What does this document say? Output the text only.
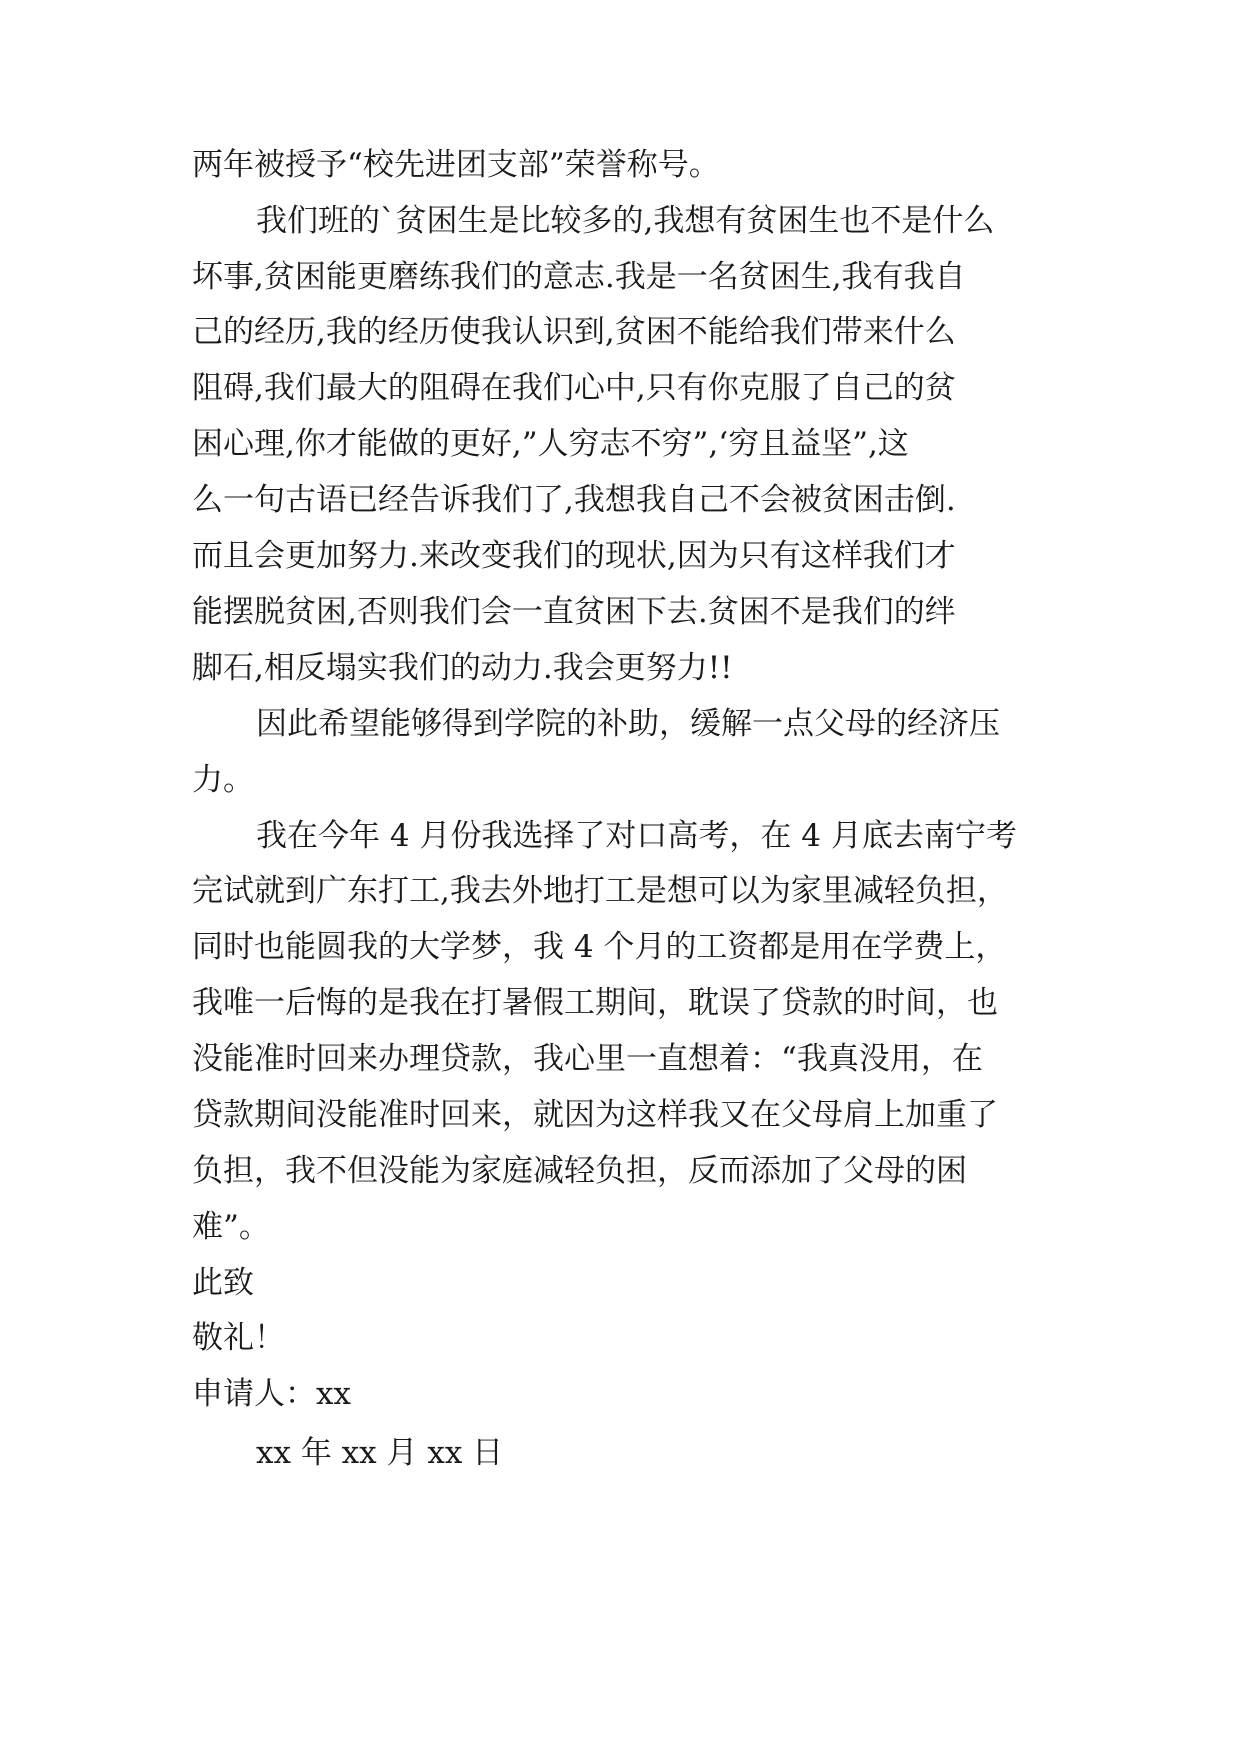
两年被授予“校先进团支部”荣誉称号。
我们班的`贫困生是比较多的,我想有贫困生也不是什么
坏事,贫困能更磨练我们的意志.我是一名贫困生,我有我自
己的经历,我的经历使我认识到,贫困不能给我们带来什么
阻碍,我们最大的阻碍在我们心中,只有你克服了自己的贫
困心理,你才能做的更好,”人穷志不穷”,‘穷且益坚”,这
么一句古语已经告诉我们了,我想我自己不会被贫困击倒.
而且会更加努力.来改变我们的现状,因为只有这样我们才
能摆脱贫困,否则我们会一直贫困下去.贫困不是我们的绊
脚石,相反塌实我们的动力.我会更努力!!
因此希望能够得到学院的补助，缓解一点父母的经济压
力。
我在今年 4 月份我选择了对口高考，在 4 月底去南宁考
完试就到广东打工,我去外地打工是想可以为家里减轻负担，
同时也能圆我的大学梦，我 4 个月的工资都是用在学费上，
我唯一后悔的是我在打暑假工期间，耽误了贷款的时间，也
没能准时回来办理贷款，我心里一直想着：“我真没用，在
贷款期间没能准时回来，就因为这样我又在父母肩上加重了
负担，我不但没能为家庭减轻负担，反而添加了父母的困
难”。
此致
敬礼！
申请人：xx
xx 年 xx 月 xx 日
